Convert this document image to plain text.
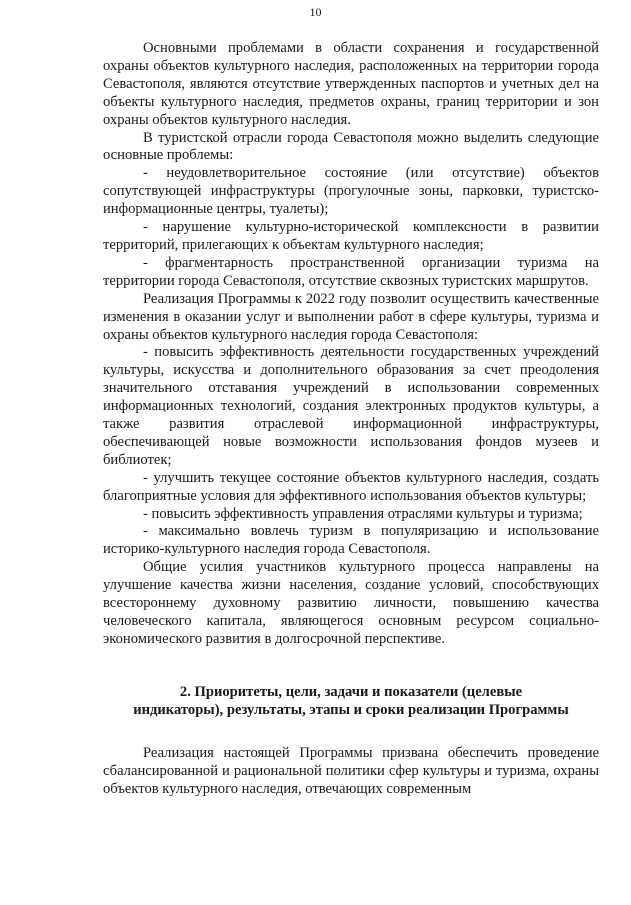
10

Основными проблемами в области сохранения и государственной охраны объектов культурного наследия, расположенных на территории города Севастополя, являются отсутствие утвержденных паспортов и учетных дел на объекты культурного наследия, предметов охраны, границ территории и зон охраны объектов культурного наследия.

В туристской отрасли города Севастополя можно выделить следующие основные проблемы:

- неудовлетворительное состояние (или отсутствие) объектов сопутствующей инфраструктуры (прогулочные зоны, парковки, туристско-информационные центры, туалеты);

- нарушение культурно-исторической комплексности в развитии территорий, прилегающих к объектам культурного наследия;

- фрагментарность пространственной организации туризма на территории города Севастополя, отсутствие сквозных туристских маршрутов.

Реализация Программы к 2022 году позволит осуществить качественные изменения в оказании услуг и выполнении работ в сфере культуры, туризма и охраны объектов культурного наследия города Севастополя:

- повысить эффективность деятельности государственных учреждений культуры, искусства и дополнительного образования за счет преодоления значительного отставания учреждений в использовании современных информационных технологий, создания электронных продуктов культуры, а также развития отраслевой информационной инфраструктуры, обеспечивающей новые возможности использования фондов музеев и библиотек;

- улучшить текущее состояние объектов культурного наследия, создать благоприятные условия для эффективного использования объектов культуры;

- повысить эффективность управления отраслями культуры и туризма;

- максимально вовлечь туризм в популяризацию и использование историко-культурного наследия города Севастополя.

Общие усилия участников культурного процесса направлены на улучшение качества жизни населения, создание условий, способствующих всестороннему духовному развитию личности, повышению качества человеческого капитала, являющегося основным ресурсом социально-экономического развития в долгосрочной перспективе.

2. Приоритеты, цели, задачи и показатели (целевые

индикаторы), результаты, этапы и сроки реализации Программы

Реализация настоящей Программы призвана обеспечить проведение сбалансированной и рациональной политики сфер культуры и туризма, охраны объектов культурного наследия, отвечающих современным
